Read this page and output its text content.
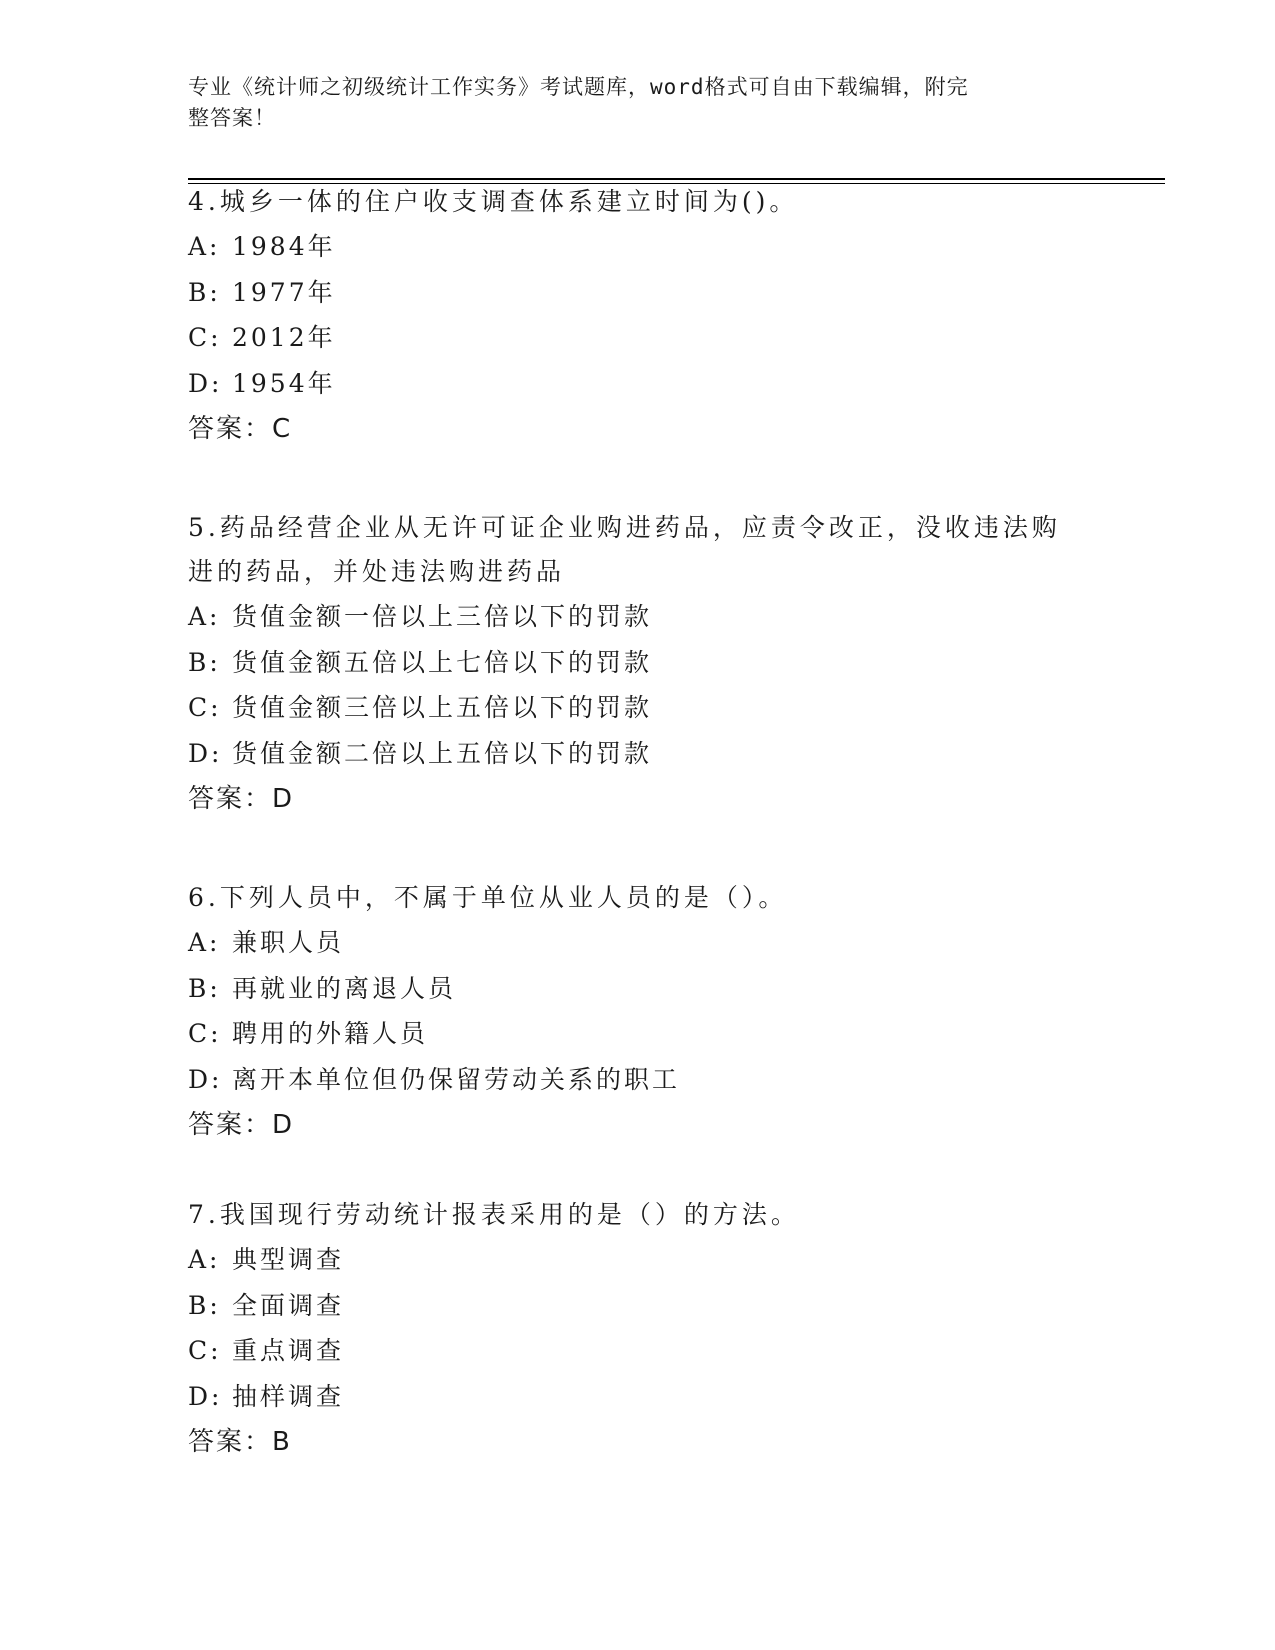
专业《统计师之初级统计工作实务》考试题库，word格式可自由下载编辑，附完
整答案！

4.城乡一体的住户收支调查体系建立时间为()。

A: 1984年

B: 1977年

C: 2012年

D: 1954年

答案：C

5.药品经营企业从无许可证企业购进药品，应责令改正，没收违法购

进的药品，并处违法购进药品

A: 货值金额一倍以上三倍以下的罚款

B: 货值金额五倍以上七倍以下的罚款

C: 货值金额三倍以上五倍以下的罚款

D: 货值金额二倍以上五倍以下的罚款

答案：D

6.下列人员中，不属于单位从业人员的是（）。

A: 兼职人员

B: 再就业的离退人员

C: 聘用的外籍人员

D: 离开本单位但仍保留劳动关系的职工

答案：D

7.我国现行劳动统计报表采用的是（）的方法。

A: 典型调查

B: 全面调查

C: 重点调查

D: 抽样调查

答案：B
